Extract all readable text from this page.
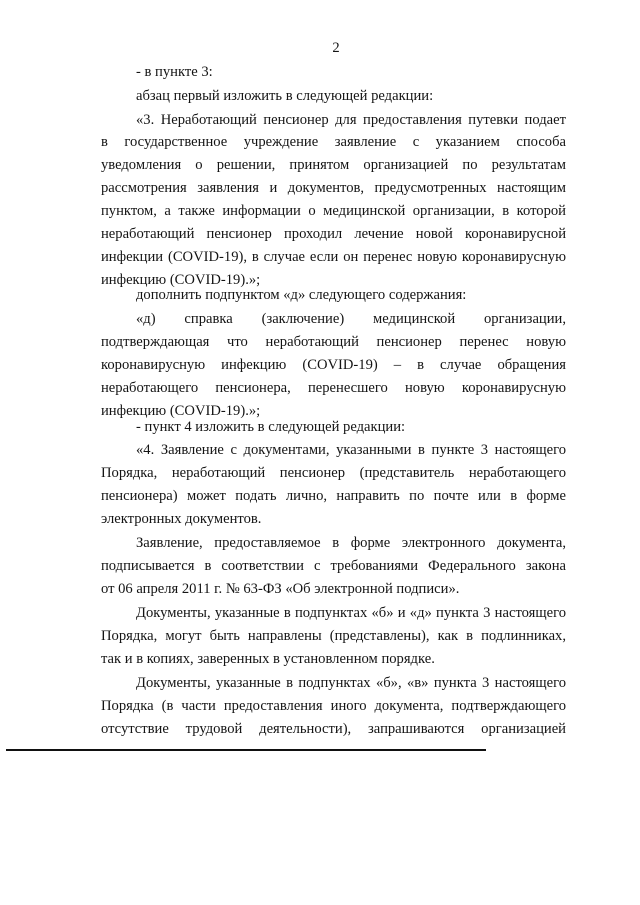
2
- в пункте 3:
абзац первый изложить в следующей редакции:
«3. Неработающий пенсионер для предоставления путевки подает
в государственное учреждение заявление с указанием способа
уведомления о решении, принятом организацией по результатам
рассмотрения заявления и документов, предусмотренных настоящим
пунктом, а также информации о медицинской организации, в которой
неработающий пенсионер проходил лечение новой коронавирусной
инфекции (COVID-19), в случае если он перенес новую коронавирусную
инфекцию (COVID-19).»;
дополнить подпунктом «д» следующего содержания:
«д) справка (заключение) медицинской организации,
подтверждающая что неработающий пенсионер перенес новую
коронавирусную инфекцию (COVID-19) – в случае обращения
неработающего пенсионера, перенесшего новую коронавирусную
инфекцию (COVID-19).»;
- пункт 4 изложить в следующей редакции:
«4. Заявление с документами, указанными в пункте 3 настоящего
Порядка, неработающий пенсионер (представитель неработающего
пенсионера) может подать лично, направить по почте или в форме
электронных документов.
Заявление, предоставляемое в форме электронного документа,
подписывается в соответствии с требованиями Федерального закона
от 06 апреля 2011 г. № 63-ФЗ «Об электронной подписи».
Документы, указанные в подпунктах «б» и «д» пункта 3 настоящего
Порядка, могут быть направлены (представлены), как в подлинниках,
так и в копиях, заверенных в установленном порядке.
Документы, указанные в подпунктах «б», «в» пункта 3 настоящего
Порядка (в части предоставления иного документа, подтверждающего
отсутствие трудовой деятельности), запрашиваются организацией
